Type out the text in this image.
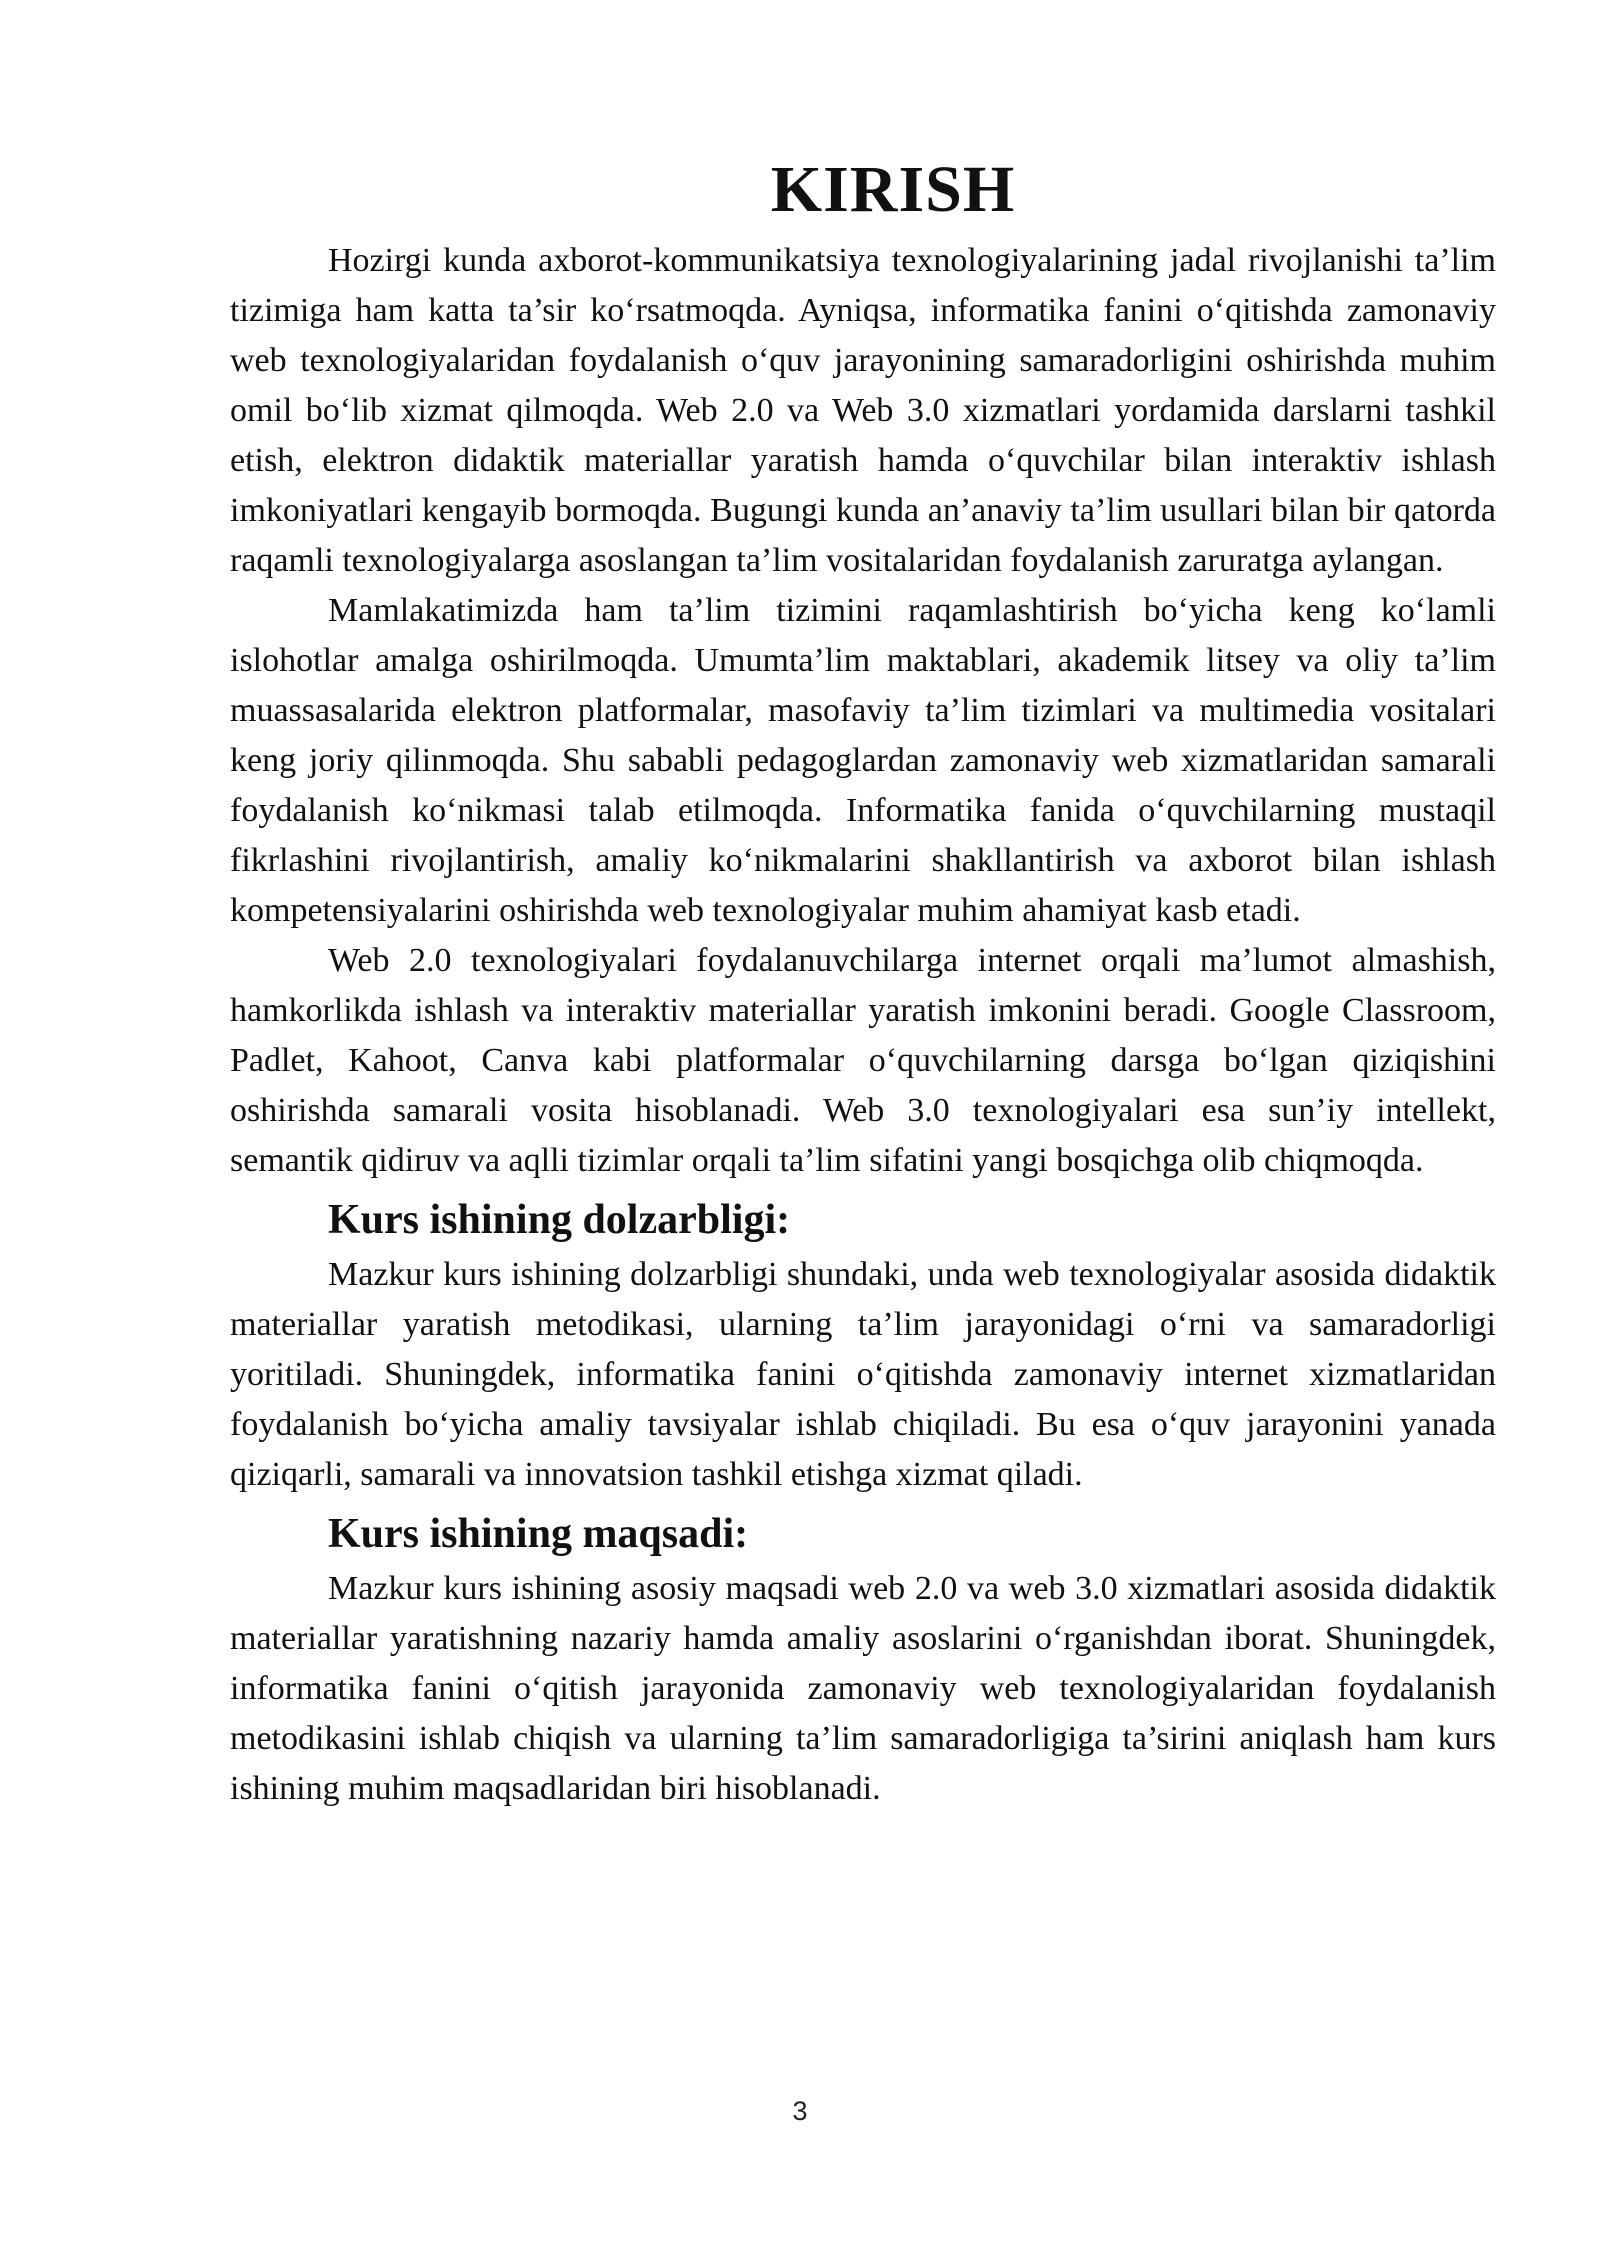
KIRISH

Hozirgi kunda axborot-kommunikatsiya texnologiyalarining jadal rivojlanishi ta’lim tizimiga ham katta ta’sir ko‘rsatmoqda. Ayniqsa, informatika fanini o‘qitishda zamonaviy web texnologiyalaridan foydalanish o‘quv jarayonining samaradorligini oshirishda muhim omil bo‘lib xizmat qilmoqda. Web 2.0 va Web 3.0 xizmatlari yordamida darslarni tashkil etish, elektron didaktik materiallar yaratish hamda o‘quvchilar bilan interaktiv ishlash imkoniyatlari kengayib bormoqda. Bugungi kunda an’anaviy ta’lim usullari bilan bir qatorda raqamli texnologiyalarga asoslangan ta’lim vositalaridan foydalanish zaruratga aylangan.

Mamlakatimizda ham ta’lim tizimini raqamlashtirish bo‘yicha keng ko‘lamli islohotlar amalga oshirilmoqda. Umumta’lim maktablari, akademik litsey va oliy ta’lim muassasalarida elektron platformalar, masofaviy ta’lim tizimlari va multimedia vositalari keng joriy qilinmoqda. Shu sababli pedagoglardan zamonaviy web xizmatlaridan samarali foydalanish ko‘nikmasi talab etilmoqda. Informatika fanida o‘quvchilarning mustaqil fikrlashini rivojlantirish, amaliy ko‘nikmalarini shakllantirish va axborot bilan ishlash kompetensiyalarini oshirishda web texnologiyalar muhim ahamiyat kasb etadi.

Web 2.0 texnologiyalari foydalanuvchilarga internet orqali ma’lumot almashish, hamkorlikda ishlash va interaktiv materiallar yaratish imkonini beradi. Google Classroom, Padlet, Kahoot, Canva kabi platformalar o‘quvchilarning darsga bo‘lgan qiziqishini oshirishda samarali vosita hisoblanadi. Web 3.0 texnologiyalari esa sun’iy intellekt, semantik qidiruv va aqlli tizimlar orqali ta’lim sifatini yangi bosqichga olib chiqmoqda.

Kurs ishining dolzarbligi:

Mazkur kurs ishining dolzarbligi shundaki, unda web texnologiyalar asosida didaktik materiallar yaratish metodikasi, ularning ta’lim jarayonidagi o‘rni va samaradorligi yoritiladi. Shuningdek, informatika fanini o‘qitishda zamonaviy internet xizmatlaridan foydalanish bo‘yicha amaliy tavsiyalar ishlab chiqiladi. Bu esa o‘quv jarayonini yanada qiziqarli, samarali va innovatsion tashkil etishga xizmat qiladi.

Kurs ishining maqsadi:

Mazkur kurs ishining asosiy maqsadi web 2.0 va web 3.0 xizmatlari asosida didaktik materiallar yaratishning nazariy hamda amaliy asoslarini o‘rganishdan iborat. Shuningdek, informatika fanini o‘qitish jarayonida zamonaviy web texnologiyalaridan foydalanish metodikasini ishlab chiqish va ularning ta’lim samaradorligiga ta’sirini aniqlash ham kurs ishining muhim maqsadlaridan biri hisoblanadi.

3
